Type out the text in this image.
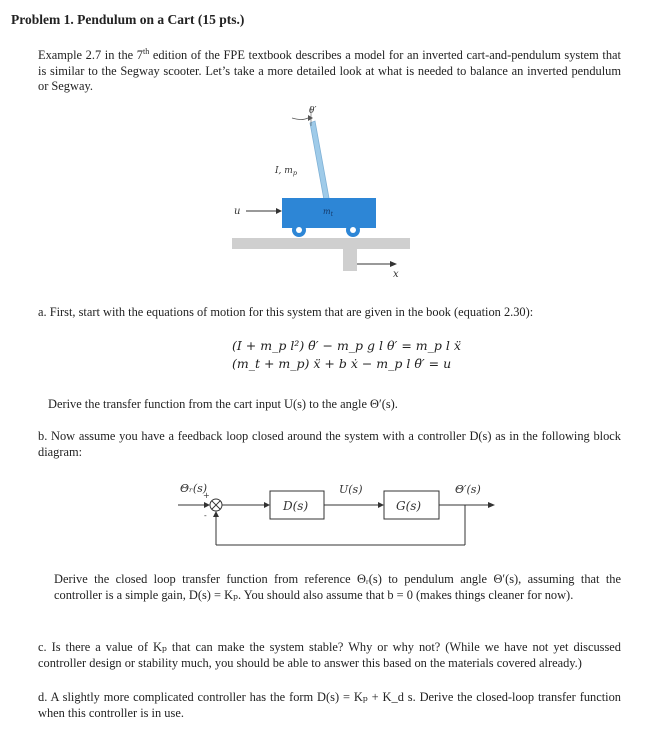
Problem 1. Pendulum on a Cart (15 pts.)
Example 2.7 in the 7th edition of the FPE textbook describes a model for an inverted cart-and-pendulum system that is similar to the Segway scooter. Let’s take a more detailed look at what is needed to balance an inverted pendulum or Segway.
x
$m_t$
u
θ′
I, $m_p$
a. First, start with the equations of motion for this system that are given in the book (equation 2.30):
(I + m_p l²) θ̈′ − m_p g l θ′ = m_p l ẍ
(m_t + m_p) ẍ + b ẋ − m_p l θ̈′ = u
Derive the transfer function from the cart input U(s) to the angle Θ′(s).
b. Now assume you have a feedback loop closed around the system with a controller D(s) as in the following block diagram:
Θᵣ(s)
+
-
D(s)
U(s)
G(s)
Θ′(s)
Derive the closed loop transfer function from reference Θᵣ(s) to pendulum angle Θ′(s), assuming that the controller is a simple gain, D(s) = Kₚ. You should also assume that b = 0 (makes things cleaner for now).
c. Is there a value of Kₚ that can make the system stable? Why or why not? (While we have not yet discussed controller design or stability much, you should be able to answer this based on the materials covered already.)
d. A slightly more complicated controller has the form D(s) = Kₚ + K_d s. Derive the closed-loop transfer function when this controller is in use.
